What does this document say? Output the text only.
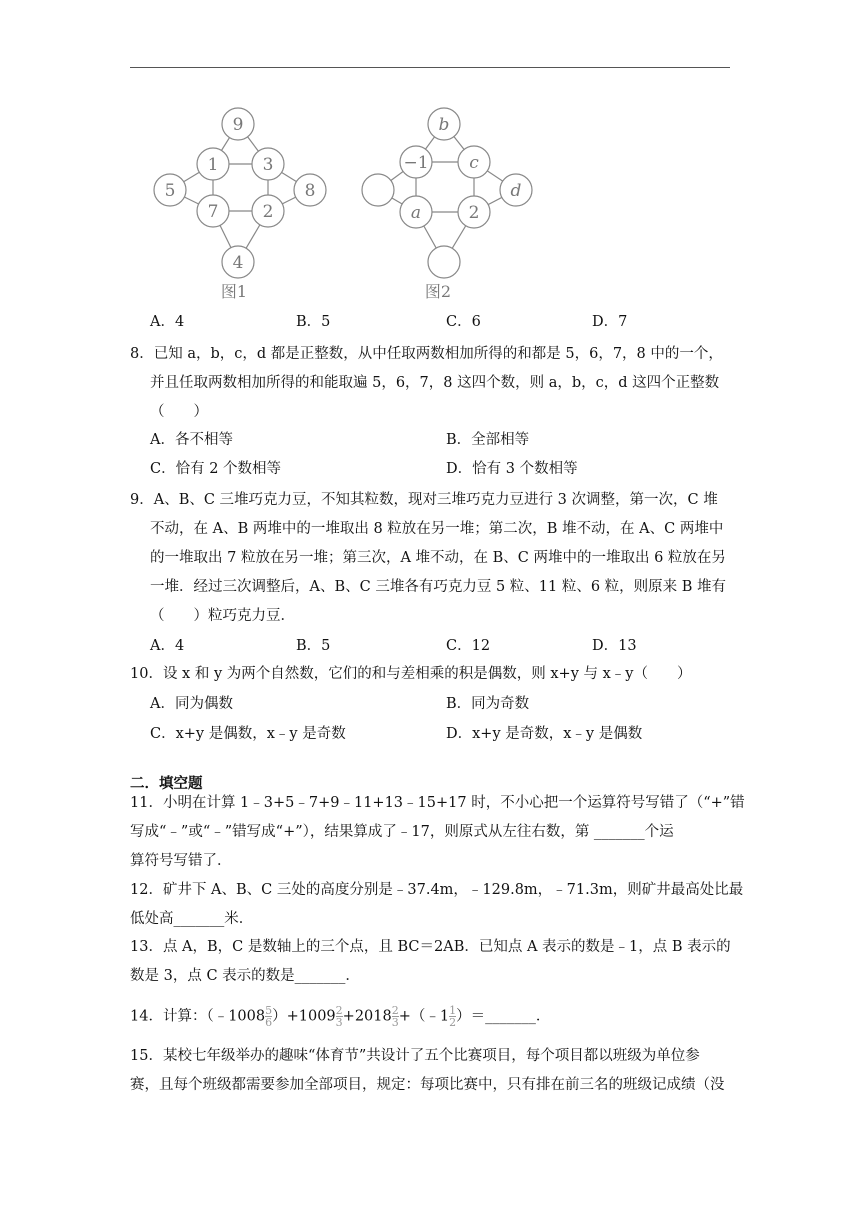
9
1	3
5
7	2
8
4
b
−1 c
a	2
d
图1	图2
A．4	B．5	C．6	D．7
8．已知 a，b，c，d 都是正整数，从中任取两数相加所得的和都是 5，6，7，8 中的一个，
并且任取两数相加所得的和能取遍 5，6，7，8 这四个数，则 a，b，c，d 这四个正整数
（　　）
A．各不相等	B．全部相等
C．恰有 2 个数相等	D．恰有 3 个数相等
9．A、B、C 三堆巧克力豆，不知其粒数，现对三堆巧克力豆进行 3 次调整，第一次，C 堆
不动，在 A、B 两堆中的一堆取出 8 粒放在另一堆；第二次，B 堆不动，在 A、C 两堆中
的一堆取出 7 粒放在另一堆；第三次，A 堆不动，在 B、C 两堆中的一堆取出 6 粒放在另
一堆．经过三次调整后，A、B、C 三堆各有巧克力豆 5 粒、11 粒、6 粒，则原来 B 堆有
（　　）粒巧克力豆．
A．4	B．5	C．12	D．13
10．设 x 和 y 为两个自然数，它们的和与差相乘的积是偶数，则 x+y 与 x﹣y（　　）
A．同为偶数	B．同为奇数
C．x+y 是偶数，x﹣y 是奇数	D．x+y 是奇数，x﹣y 是偶数
二．填空题
11．小明在计算 1﹣3+5﹣7+9﹣11+13﹣15+17 时，不小心把一个运算符号写错了（“+”错
写成“﹣”或“﹣”错写成“+”），结果算成了﹣17，则原式从左往右数，第 _______个运
算符号写错了．
12．矿井下 A、B、C 三处的高度分别是﹣37.4m，﹣129.8m，﹣71.3m，则矿井最高处比最
低处高_______米．
13．点 A，B，C 是数轴上的三个点，且 BC＝2AB．已知点 A 表示的数是﹣1，点 B 表示的
数是 3，点 C 表示的数是_______．
14．计算：（﹣1008 $\frac{5}{6} )+1009 \frac{2}{3} +2018 \frac{2}{3}$ +（﹣1 $\frac{1}{2}$ ）＝_______．
15．某校七年级举办的趣味“体育节”共设计了五个比赛项目，每个项目都以班级为单位参
赛，且每个班级都需要参加全部项目，规定：每项比赛中，只有排在前三名的班级记成绩（没
